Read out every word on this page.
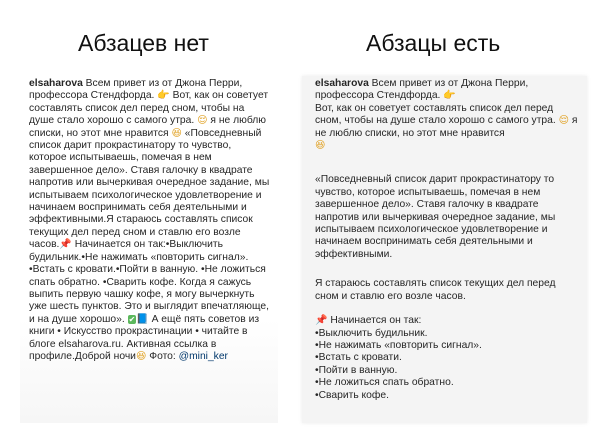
Абзацев нет	Абзацы есть

elsaharova Всем привет из от Джона Перри, профессора Стендфорда. 👉 Вот, как он советует составлять список дел перед сном, чтобы на душе стало хорошо с самого утра. 😌 я не люблю списки, но этот мне нравится 😆 «Повседневный список дарит прокрастинатору то чувство, которое испытываешь, помечая в нем завершенное дело». Ставя галочку в квадрате напротив или вычеркивая очередное задание, мы испытываем психологическое удовлетворение и начинаем воспринимать себя деятельными и эффективными.Я стараюсь составлять список текущих дел перед сном и ставлю его возле часов.📌 Начинается он так:•Выключить будильник.•Не нажимать «повторить сигнал». •Встать с кровати.•Пойти в ванную. •Не ложиться спать обратно. •Сварить кофе. Когда я сажусь выпить первую чашку кофе, я могу вычеркнуть уже шесть пунктов. Это и выглядит впечатляюще, и на душе хорошо». ✔📘 А ещё пять советов из книги • Искусство прокрастинации • читайте в блоге elsaharova.ru. Активная ссылка в профиле.Доброй ночи😆 Фото: @mini_ker

elsaharova Всем привет из от Джона Перри, профессора Стендфорда. 👉
Вот, как он советует составлять список дел перед сном, чтобы на душе стало хорошо с самого утра. 😌 я не люблю списки, но этот мне нравится
😆

«Повседневный список дарит прокрастинатору то чувство, которое испытываешь, помечая в нем завершенное дело». Ставя галочку в квадрате напротив или вычеркивая очередное задание, мы испытываем психологическое удовлетворение и начинаем воспринимать себя деятельными и эффективными.

Я стараюсь составлять список текущих дел перед сном и ставлю его возле часов.

📌 Начинается он так:

•Выключить будильник.
•Не нажимать «повторить сигнал».
•Встать с кровати.
•Пойти в ванную.
•Не ложиться спать обратно.
•Сварить кофе.
